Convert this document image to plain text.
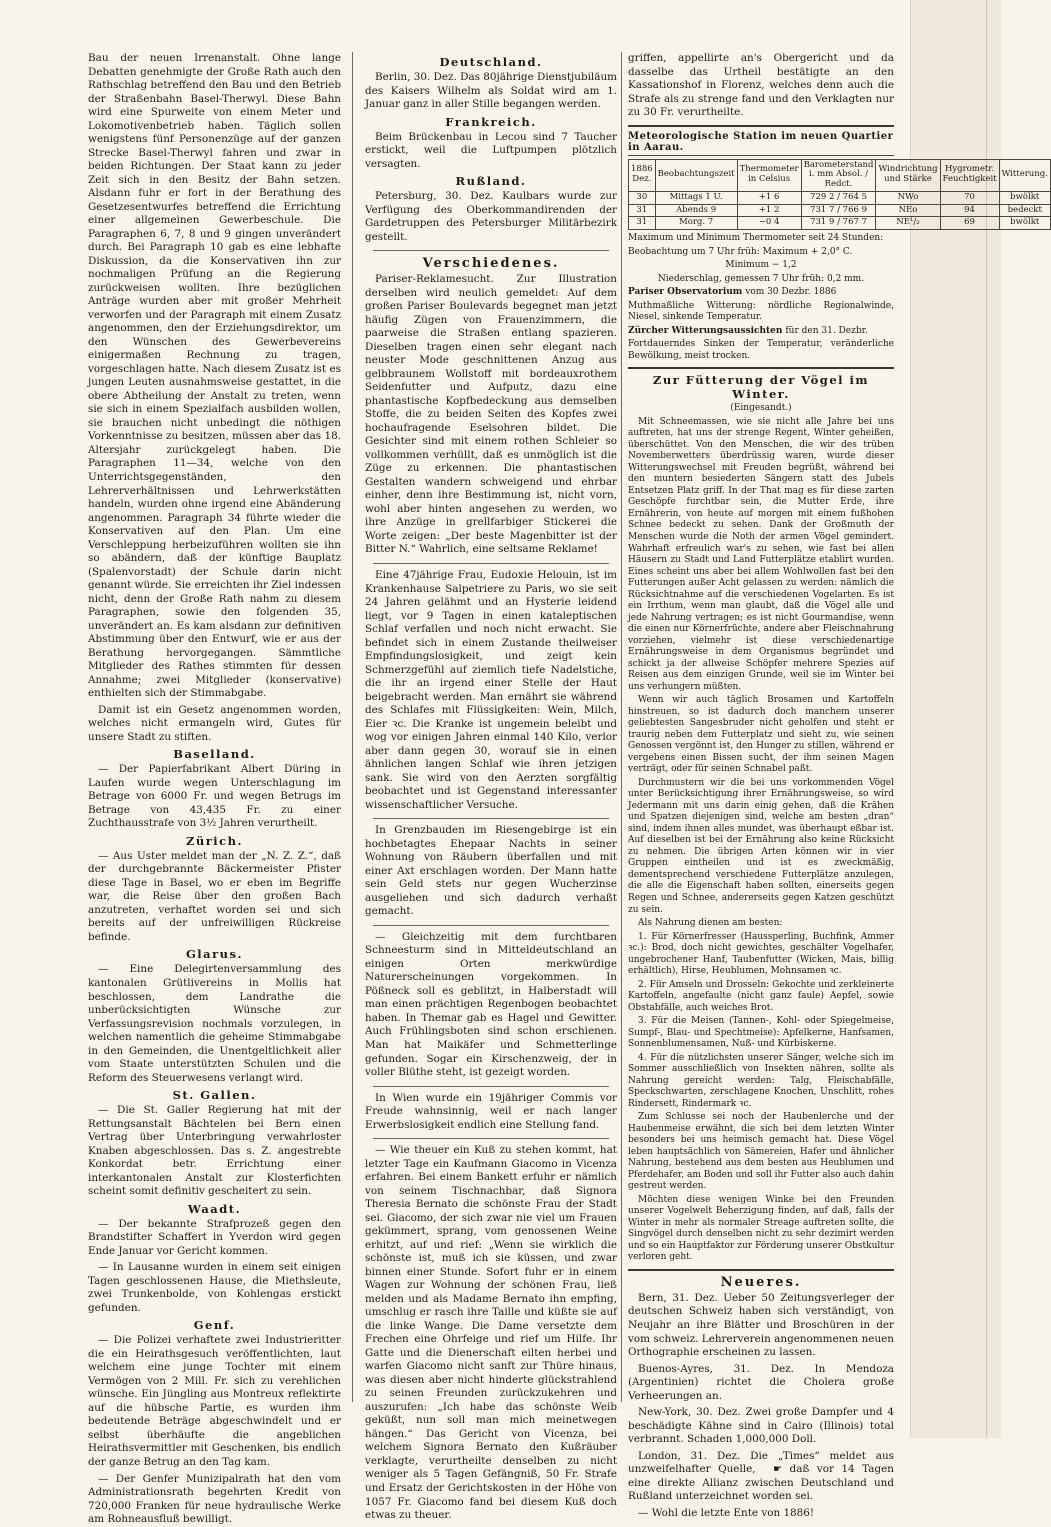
Bau der neuen Irrenanstalt. Ohne lange Debatten genehmigte der Große Rath auch den Rathschlag betreffend den Bau und den Betrieb der Straßenbahn Basel-Therwyl. Diese Bahn wird eine Spurweite von einem Meter und Lokomotivenbetrieb haben. Täglich sollen wenigstens fünf Personenzüge auf der ganzen Strecke Basel-Therwyl fahren und zwar in beiden Richtungen. Der Staat kann zu jeder Zeit sich in den Besitz der Bahn setzen. Alsdann fuhr er fort in der Berathung des Gesetzesentwurfes betreffend die Errichtung einer allgemeinen Gewerbeschule. Die Paragraphen 6, 7, 8 und 9 gingen unverändert durch. Bei Paragraph 10 gab es eine lebhafte Diskussion, da die Konservativen ihn zur nochmaligen Prüfung an die Regierung zurückweisen wollten. Ihre bezüglichen Anträge wurden aber mit großer Mehrheit verworfen und der Paragraph mit einem Zusatz angenommen, den der Erziehungsdirektor, um den Wünschen des Gewerbevereins einigermaßen Rechnung zu tragen, vorgeschlagen hatte. Nach diesem Zusatz ist es jungen Leuten ausnahmsweise gestattet, in die obere Abtheilung der Anstalt zu treten, wenn sie sich in einem Spezialfach ausbilden wollen, sie brauchen nicht unbedingt die nöthigen Vorkenntnisse zu besitzen, müssen aber das 18. Altersjahr zurückgelegt haben. Die Paragraphen 11—34, welche von den Unterrichtsgegenständen, den Lehrerverhältnissen und Lehrwerkstätten handeln, wurden ohne irgend eine Abänderung angenommen. Paragraph 34 führte wieder die Konservativen auf den Plan. Um eine Verschleppung herbeizuführen wollten sie ihn so abändern, daß der künftige Bauplatz (Spalenvorstadt) der Schule darin nicht genannt würde. Sie erreichten ihr Ziel indessen nicht, denn der Große Rath nahm zu diesem Paragraphen, sowie den folgenden 35, unverändert an. Es kam alsdann zur definitiven Abstimmung über den Entwurf, wie er aus der Berathung hervorgegangen. Sämmtliche Mitglieder des Rathes stimmten für dessen Annahme; zwei Mitglieder (konservative) enthielten sich der Stimmabgabe.

Damit ist ein Gesetz angenommen worden, welches nicht ermangeln wird, Gutes für unsere Stadt zu stiften.

Baselland.

— Der Papierfabrikant Albert Düring in Laufen wurde wegen Unterschlagung im Betrage von 6000 Fr. und wegen Betrugs im Betrage von 43,435 Fr. zu einer Zuchthausstrafe von 3½ Jahren verurtheilt.

Zürich.

— Aus Uster meldet man der „N. Z. Z.“, daß der durchgebrannte Bäckermeister Pfister diese Tage in Basel, wo er eben im Begriffe war, die Reise über den großen Bach anzutreten, verhaftet worden sei und sich bereits auf der unfreiwilligen Rückreise befinde.

Glarus.

— Eine Delegirtenversammlung des kantonalen Grütlivereins in Mollis hat beschlossen, dem Landrathe die unberücksichtigten Wünsche zur Verfassungsrevision nochmals vorzulegen, in welchen namentlich die geheime Stimmabgabe in den Gemeinden, die Unentgeltlichkeit aller vom Staate unterstützten Schulen und die Reform des Steuerwesens verlangt wird.

St. Gallen.

— Die St. Galler Regierung hat mit der Rettungsanstalt Bächtelen bei Bern einen Vertrag über Unterbringung verwahrloster Knaben abgeschlossen. Das s. Z. angestrebte Konkordat betr. Errichtung einer interkantonalen Anstalt zur Klosterfichten scheint somit definitiv gescheitert zu sein.

Waadt.

— Der bekannte Strafprozeß gegen den Brandstifter Schaffert in Yverdon wird gegen Ende Januar vor Gericht kommen.

— In Lausanne wurden in einem seit einigen Tagen geschlossenen Hause, die Miethsleute, zwei Trunkenbolde, von Kohlengas erstickt gefunden.

Genf.

— Die Polizei verhaftete zwei Industrieritter die ein Heirathsgesuch veröffentlichten, laut welchem eine junge Tochter mit einem Vermögen von 2 Mill. Fr. sich zu verehlichen wünsche. Ein Jüngling aus Montreux reflektirte auf die hübsche Partie, es wurden ihm bedeutende Beträge abgeschwindelt und er selbst überhäufte die angeblichen Heirathsvermittler mit Geschenken, bis endlich der ganze Betrug an den Tag kam.

— Der Genfer Munizipalrath hat den vom Administrationsrath begehrten Kredit von 720,000 Franken für neue hydraulische Werke am Rohneausfluß bewilligt.

Deutschland.

Berlin, 30. Dez. Das 80jährige Dienstjubiläum des Kaisers Wilhelm als Soldat wird am 1. Januar ganz in aller Stille begangen werden.

Frankreich.

Beim Brückenbau in Lecou sind 7 Taucher erstickt, weil die Luftpumpen plötzlich versagten.

Rußland.

Petersburg, 30. Dez. Kaulbars wurde zur Verfügung des Oberkommandirenden der Gardetruppen des Petersburger Militärbezirk gestellt.

Verschiedenes.

Pariser-Reklamesucht. Zur Illustration derselben wird neulich gemeldet: Auf dem großen Pariser Boulevards begegnet man jetzt häufig Zügen von Frauenzimmern, die paarweise die Straßen entlang spazieren. Dieselben tragen einen sehr elegant nach neuster Mode geschnittenen Anzug aus gelbbraunem Wollstoff mit bordeauxrothem Seidenfutter und Aufputz, dazu eine phantastische Kopfbedeckung aus demselben Stoffe, die zu beiden Seiten des Kopfes zwei hochaufragende Eselsohren bildet. Die Gesichter sind mit einem rothen Schleier so vollkommen verhüllt, daß es unmöglich ist die Züge zu erkennen. Die phantastischen Gestalten wandern schweigend und ehrbar einher, denn ihre Bestimmung ist, nicht vorn, wohl aber hinten angesehen zu werden, wo ihre Anzüge in grellfarbiger Stickerei die Worte zeigen: „Der beste Magenbitter ist der Bitter N.“ Wahrlich, eine seltsame Reklame!

Eine 47jährige Frau, Eudoxie Helouin, ist im Krankenhause Salpetriere zu Paris, wo sie seit 24 Jahren gelähmt und an Hysterie leidend liegt, vor 9 Tagen in einen kataleptischen Schlaf verfallen und noch nicht erwacht. Sie befindet sich in einem Zustande theilweiser Empfindungslosigkeit, und zeigt kein Schmerzgefühl auf ziemlich tiefe Nadelstiche, die ihr an irgend einer Stelle der Haut beigebracht werden. Man ernährt sie während des Schlafes mit Flüssigkeiten: Wein, Milch, Eier ꝛc. Die Kranke ist ungemein beleibt und wog vor einigen Jahren einmal 140 Kilo, verlor aber dann gegen 30, worauf sie in einen ähnlichen langen Schlaf wie ihren jetzigen sank. Sie wird von den Aerzten sorgfältig beobachtet und ist Gegenstand interessanter wissenschaftlicher Versuche.

In Grenzbauden im Riesengebirge ist ein hochbetagtes Ehepaar Nachts in seiner Wohnung von Räubern überfallen und mit einer Axt erschlagen worden. Der Mann hatte sein Geld stets nur gegen Wucherzinse ausgeliehen und sich dadurch verhaßt gemacht.

— Gleichzeitig mit dem furchtbaren Schneesturm sind in Mitteldeutschland an einigen Orten merkwürdige Naturerscheinungen vorgekommen. In Pößneck soll es geblitzt, in Halberstadt will man einen prächtigen Regenbogen beobachtet haben. In Themar gab es Hagel und Gewitter. Auch Frühlingsboten sind schon erschienen. Man hat Maikäfer und Schmetterlinge gefunden. Sogar ein Kirschenzweig, der in voller Blüthe steht, ist gezeigt worden.

In Wien wurde ein 19jähriger Commis vor Freude wahnsinnig, weil er nach langer Erwerbslosigkeit endlich eine Stellung fand.

— Wie theuer ein Kuß zu stehen kommt, hat letzter Tage ein Kaufmann Giacomo in Vicenza erfahren. Bei einem Bankett erfuhr er nämlich von seinem Tischnachbar, daß Signora Theresia Bernato die schönste Frau der Stadt sei. Giacomo, der sich zwar nie viel um Frauen gekümmert, sprang, vom genossenen Weine erhitzt, auf und rief: „Wenn sie wirklich die schönste ist, muß ich sie küssen, und zwar binnen einer Stunde. Sofort fuhr er in einem Wagen zur Wohnung der schönen Frau, ließ melden und als Madame Bernato ihn empfing, umschlug er rasch ihre Taille und küßte sie auf die linke Wange. Die Dame versetzte dem Frechen eine Ohrfeige und rief um Hilfe. Ihr Gatte und die Dienerschaft eilten herbei und warfen Giacomo nicht sanft zur Thüre hinaus, was diesen aber nicht hinderte glückstrahlend zu seinen Freunden zurückzukehren und auszurufen: „Ich habe das schönste Weib geküßt, nun soll man mich meinetwegen hängen.“ Das Gericht von Vicenza, bei welchem Signora Bernato den Kußräuber verklagte, verurtheilte denselben zu nicht weniger als 5 Tagen Gefängniß, 50 Fr. Strafe und Ersatz der Gerichtskosten in der Höhe von 1057 Fr. Giacomo fand bei diesem Kuß doch etwas zu theuer.

griffen, appellirte an's Obergericht und da dasselbe das Urtheil bestätigte an den Kassationshof in Florenz, welches denn auch die Strafe als zu strenge fand und den Verklagten nur zu 30 Fr. verurtheilte.

Meteorologische Station im neuen Quartier in Aarau.
1886 Dez.	Beobachtungszeit	Thermometer in Celsius	Barometerstand i. mm Absol. / Redct.	Windrichtung und Stärke	Hygrometr. Feuchtigkeit	Witterung.
30	Mittags 1 U.	+1 6	729 2 / 764 5	NWo	70	bwölkt
31	Abends 9	+1 2	731 7 / 766 9	NEo	94	bedeckt
31	Morg. 7	−0 4	731 9 / 767 7	NE¹/₂	69	bwölkt

Maximum und Minimum Thermometer seit 24 Stunden:

Beobachtung um 7 Uhr früh: Maximum + 2,0° C.

Minimum − 1,2

Niederschlag, gemessen 7 Uhr früh: 0,2 mm.

Pariser Observatorium vom 30 Dezbr. 1886

Muthmaßliche Witterung: nördliche Regionalwinde, Niesel, sinkende Temperatur.

Zürcher Witterungsaussichten für den 31. Dezbr.

Fortdauerndes Sinken der Temperatur, veränderliche Bewölkung, meist trocken.

Zur Fütterung der Vögel im Winter.

(Eingesandt.)

Mit Schneemassen, wie sie nicht alle Jahre bei uns auftreten, hat uns der strenge Regent, Winter geheißen, überschüttet. Von den Menschen, die wir des trüben Novemberwetters überdrüssig waren, wurde dieser Witterungswechsel mit Freuden begrüßt, während bei den muntern besiederten Sängern statt des Jubels Entsetzen Platz griff. In der That mag es für diese zarten Geschöpfe furchtbar sein, die Mutter Erde, ihre Ernährerin, von heute auf morgen mit einem fußhohen Schnee bedeckt zu sehen. Dank der Großmuth der Menschen wurde die Noth der armen Vögel gemindert. Wahrhaft erfreulich war's zu sehen, wie fast bei allen Häusern zu Stadt und Land Futterplätze etablirt wurden. Eines scheint uns aber bei allem Wohlwollen fast bei den Futterungen außer Acht gelassen zu werden: nämlich die Rücksichtnahme auf die verschiedenen Vogelarten. Es ist ein Irrthum, wenn man glaubt, daß die Vögel alle und jede Nahrung vertragen; es ist nicht Gourmandise, wenn die einen nur Körnerfrüchte, andere aber Fleischnahrung vorziehen, vielmehr ist diese verschiedenartige Ernährungsweise in dem Organismus begründet und schickt ja der allweise Schöpfer mehrere Spezies auf Reisen aus dem einzigen Grunde, weil sie im Winter bei uns verhungern müßten.

Wenn wir auch täglich Brosamen und Kartoffeln hinstreuen, so ist dadurch doch manchem unserer geliebtesten Sangesbruder nicht geholfen und steht er traurig neben dem Futterplatz und sieht zu, wie seinen Genossen vergönnt ist, den Hunger zu stillen, während er vergebens einen Bissen sucht, der ihm seinen Magen verträgt, oder für seinen Schnabel paßt.

Durchmustern wir die bei uns vorkommenden Vögel unter Berücksichtigung ihrer Ernährungsweise, so wird Jedermann mit uns darin einig gehen, daß die Krähen und Spatzen diejenigen sind, welche am besten „dran“ sind, indem ihnen alles mundet, was überhaupt eßbar ist. Auf dieselben ist bei der Ernährung also keine Rücksicht zu nehmen. Die übrigen Arten können wir in vier Gruppen eintheilen und ist es zweckmäßig, dementsprechend verschiedene Futterplätze anzulegen, die alle die Eigenschaft haben sollten, einerseits gegen Regen und Schnee, andererseits gegen Katzen geschützt zu sein.

Als Nahrung dienen am besten:

1. Für Körnerfresser (Haussperling, Buchfink, Ammer ꝛc.): Brod, doch nicht gewichtes, geschälter Vogelhafer, ungebrochener Hanf, Taubenfutter (Wicken, Mais, billig erhältlich), Hirse, Heublumen, Mohnsamen ꝛc.

2. Für Amseln und Drosseln: Gekochte und zerkleinerte Kartoffeln, angefaulte (nicht ganz faule) Aepfel, sowie Obstabfälle, auch weiches Brot.

3. Für die Meisen (Tannen-, Kohl- oder Spiegelmeise, Sumpf-, Blau- und Spechtmeise): Apfelkerne, Hanfsamen, Sonnenblumensamen, Nuß- und Kürbiskerne.

4. Für die nützlichsten unserer Sänger, welche sich im Sommer ausschließlich von Insekten nähren, sollte als Nahrung gereicht werden: Talg, Fleischabfälle, Speckschwarten, zerschlagene Knochen, Unschlitt, rohes Rindersett, Rindermark ꝛc.

Zum Schlusse sei noch der Haubenlerche und der Haubenmeise erwähnt, die sich bei dem letzten Winter besonders bei uns heimisch gemacht hat. Diese Vögel leben hauptsächlich von Sämereien, Hafer und ähnlicher Nahrung, bestehend aus dem besten aus Heublumen und Pferdehafer, am Boden und soll ihr Futter also auch dahin gestreut werden.

Möchten diese wenigen Winke bei den Freunden unserer Vogelwelt Beherzigung finden, auf daß, falls der Winter in mehr als normaler Streage auftreten sollte, die Singvögel durch denselben nicht zu sehr dezimirt werden und so ein Hauptfaktor zur Förderung unserer Obstkultur verloren geht.

Neueres.

Bern, 31. Dez. Ueber 50 Zeitungsverleger der deutschen Schweiz haben sich verständigt, von Neujahr an ihre Blätter und Broschüren in der vom schweiz. Lehrerverein angenommenen neuen Orthographie erscheinen zu lassen.

Buenos-Ayres, 31. Dez. In Mendoza (Argentinien) richtet die Cholera große Verheerungen an.

New-York, 30. Dez. Zwei große Dampfer und 4 beschädigte Kähne sind in Cairo (Illinois) total verbrannt. Schaden 1,000,000 Doll.

London, 31. Dez. Die „Times“ meldet aus unzweifelhafter Quelle, ☛ daß vor 14 Tagen eine direkte Allianz zwischen Deutschland und Rußland unterzeichnet worden sei.

— Wohl die letzte Ente von 1886!
